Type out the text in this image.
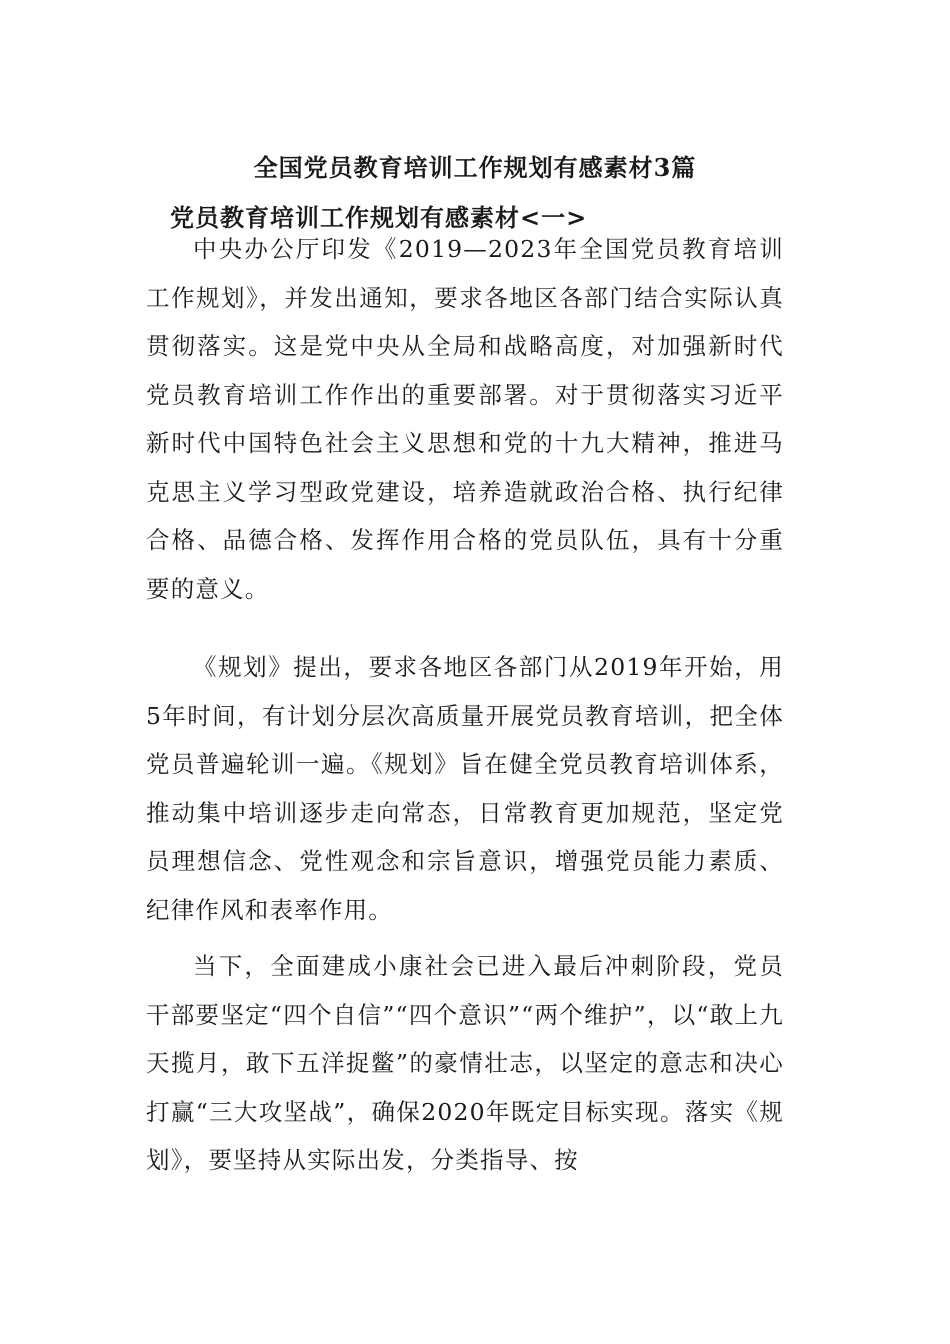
全国党员教育培训工作规划有感素材3篇
党员教育培训工作规划有感素材<一>

中央办公厅印发《2019—2023年全国党员教育培训工作规划》，并发出通知，要求各地区各部门结合实际认真贯彻落实。这是党中央从全局和战略高度，对加强新时代党员教育培训工作作出的重要部署。对于贯彻落实习近平新时代中国特色社会主义思想和党的十九大精神，推进马克思主义学习型政党建设，培养造就政治合格、执行纪律合格、品德合格、发挥作用合格的党员队伍，具有十分重要的意义。

《规划》提出，要求各地区各部门从2019年开始，用5年时间，有计划分层次高质量开展党员教育培训，把全体党员普遍轮训一遍。《规划》旨在健全党员教育培训体系，推动集中培训逐步走向常态，日常教育更加规范，坚定党员理想信念、党性观念和宗旨意识，增强党员能力素质、纪律作风和表率作用。

当下，全面建成小康社会已进入最后冲刺阶段，党员干部要坚定“四个自信”“四个意识”“两个维护”，以“敢上九天揽月，敢下五洋捉鳖”的豪情壮志，以坚定的意志和决心打赢“三大攻坚战”，确保2020年既定目标实现。落实《规划》，要坚持从实际出发，分类指导、按
